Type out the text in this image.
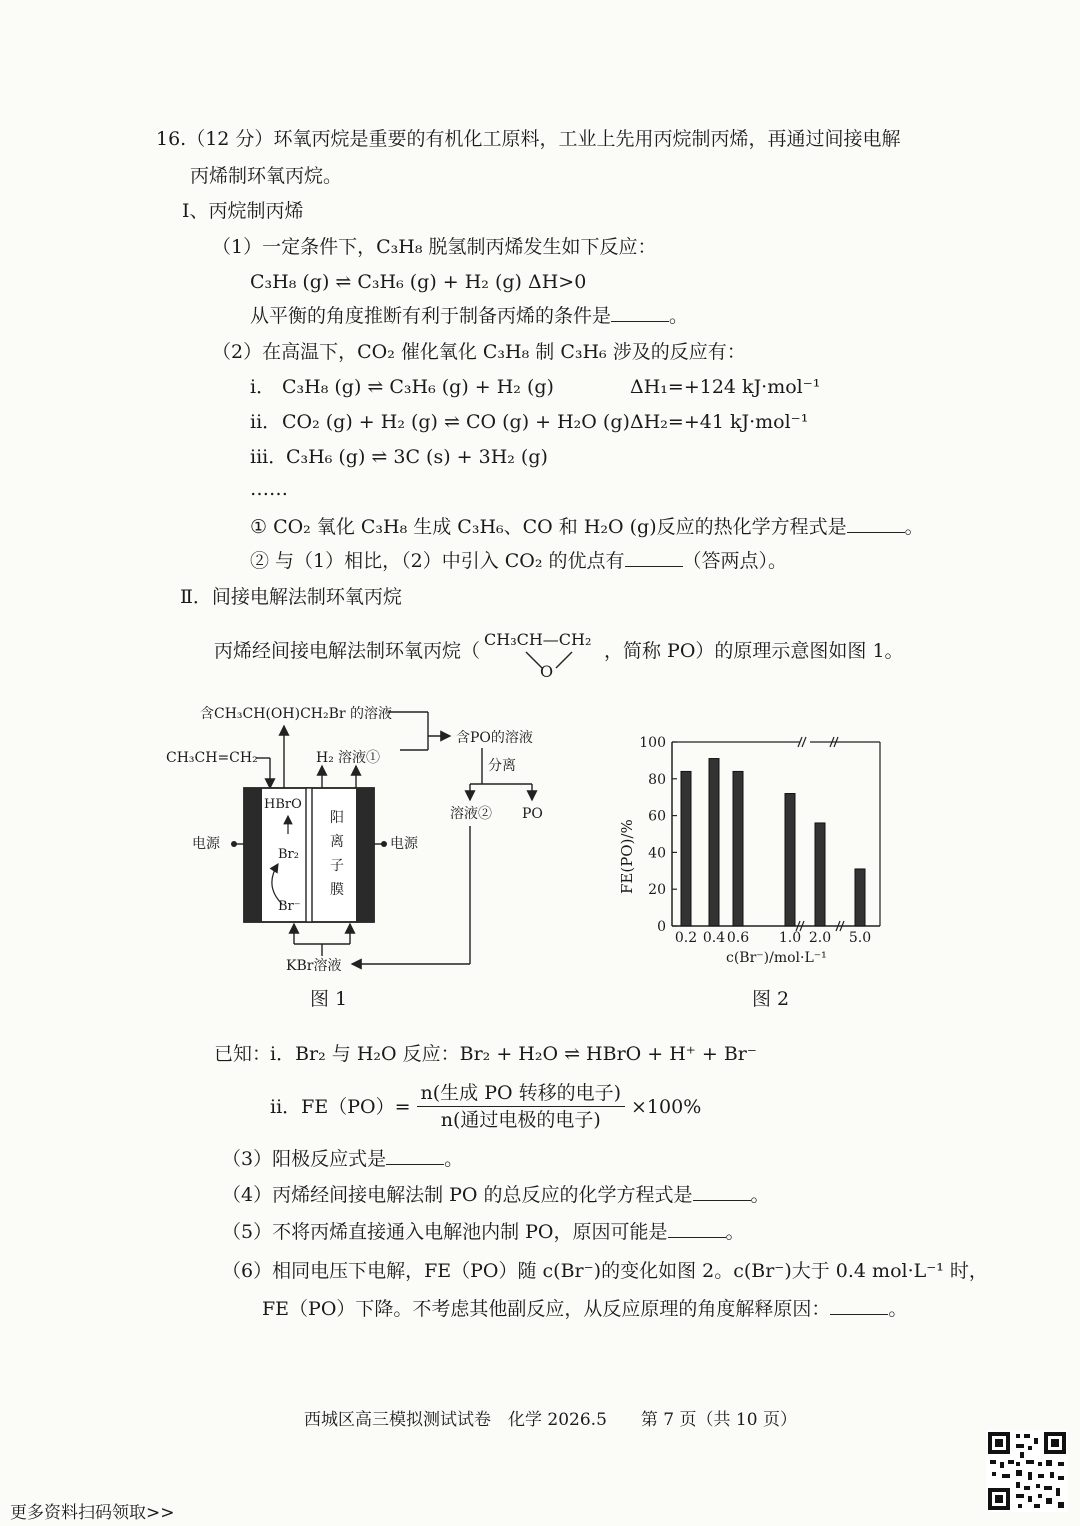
16.（12 分）环氧丙烷是重要的有机化工原料，工业上先用丙烷制丙烯，再通过间接电解
丙烯制环氧丙烷。
Ⅰ、丙烷制丙烯
（1）一定条件下，C₃H₈ 脱氢制丙烯发生如下反应：
C₃H₈ (g) ⇌ C₃H₆ (g) + H₂ (g) ΔH>0
从平衡的角度推断有利于制备丙烯的条件是	。
（2）在高温下，CO₂ 催化氧化 C₃H₈ 制 C₃H₆ 涉及的反应有：
i． C₃H₈ (g) ⇌ C₃H₆ (g) + H₂ (g)	ΔH₁=+124 kJ·mol⁻¹
ii． CO₂ (g) + H₂ (g) ⇌ CO (g) + H₂O (g) ΔH₂=+41 kJ·mol⁻¹
iii．
C₃H₆ (g) ⇌ 3C (s) + 3H₂ (g)
……
① CO₂ 氧化 C₃H₈ 生成 C₃H₆、CO 和 H₂O (g)反应的热化学方程式是	。
② 与（1）相比，（2）中引入 CO₂ 的优点有	（答两点）。
Ⅱ．间接电解法制环氧丙烷
丙烯经间接电解法制环氧丙烷（
CH₃CH—CH₂
O
，简称 PO）的原理示意图如图 1。
含CH₃CH(OH)CH₂Br 的溶液
CH₃CH=CH₂	H₂ 溶液①
含PO的溶液
分离
溶液② PO
HBrO
Br₂
Br⁻
阳
离
子
膜
电源	电源
KBr溶液
图 1
FE(PO)/%
c(Br⁻)/mol·L⁻¹
0
20
40
60
80
100
0.2 0.4 0.6 1.0 2.0 5.0
图 2
已知：
i．Br₂ 与 H₂O 反应：Br₂ + H₂O ⇌ HBrO + H⁺ + Br⁻
ii．$FE(PO)= \frac{\text{n(生成 PO 转移的电子)}}{\text{n(通过电极的电子)}} \times 100\%$
（3）阳极反应式是	。
（4）丙烯经间接电解法制 PO 的总反应的化学方程式是	。
（5）不将丙烯直接通入电解池内制 PO，原因可能是	。
（6）相同电压下电解，FE（PO）随 c(Br⁻)的变化如图 2。c(Br⁻)大于 0.4 mol·L⁻¹ 时，
FE（PO）下降。不考虑其他副反应，从反应原理的角度解释原因：	。
西城区高三模拟测试试卷　化学 2026.5　　第 7 页（共 10 页）
更多资料扫码领取>>
